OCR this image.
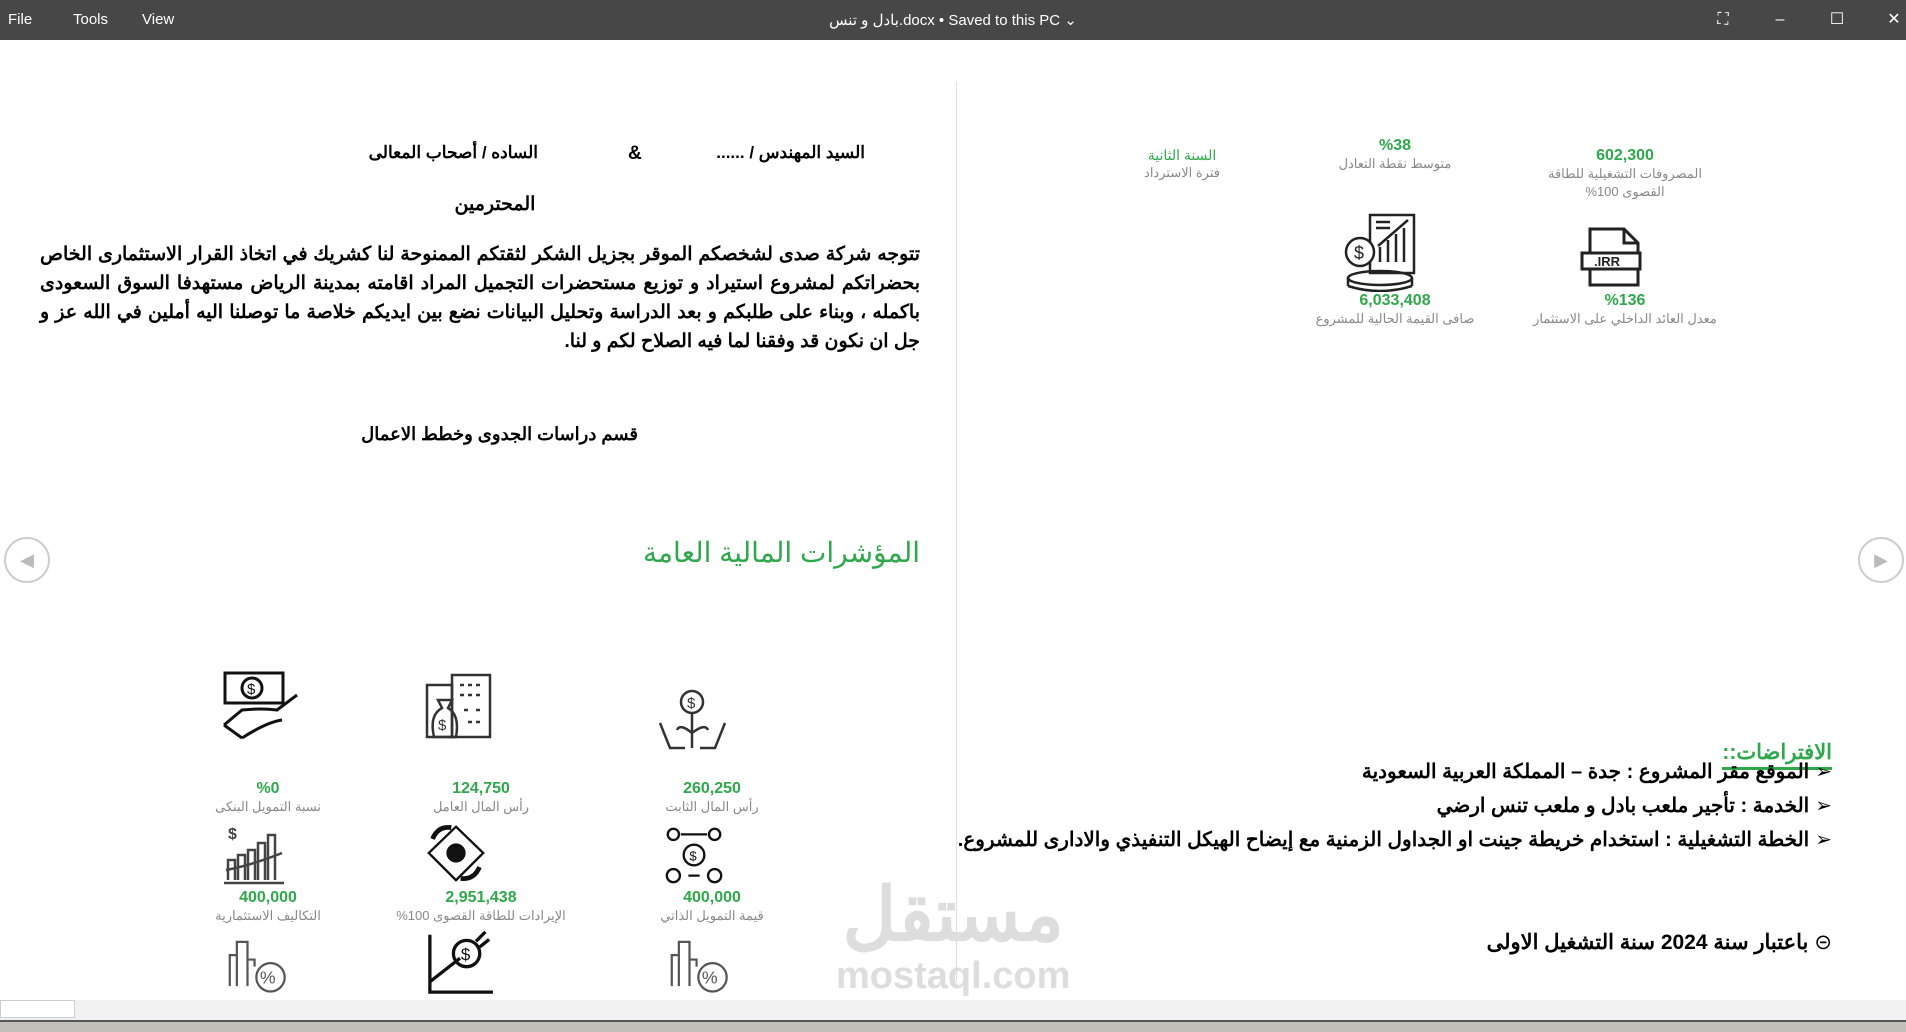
File	Tools View	بادل و تنس.docx • Saved to this PC ⌄	⛶	–	☐	✕
السيد المهندس / ......
&
الساده / أصحاب المعالى
المحترمين
تتوجه شركة صدى لشخصكم الموقر بجزيل الشكر لثقتكم الممنوحة لنا كشريك في اتخاذ القرار الاستثمارى الخاص بحضراتكم لمشروع استيراد و توزيع مستحضرات التجميل المراد اقامته بمدينة الرياض مستهدفا السوق السعودى باكمله ، وبناء على طلبكم و بعد الدراسة وتحليل البيانات نضع بين ايديكم خلاصة ما توصلنا اليه أملين في الله عز و جل ان نكون قد وفقنا لما فيه الصلاح لكم و لنا.
قسم دراسات الجدوى وخطط الاعمال
المؤشرات المالية العامة
◀	▶
$
$
$
$
$
%
$
%
%0
نسبة التمويل البنكى
124,750
رأس المال العامل
260,250
رأس المال الثابت
400,000
التكاليف الاستثمارية
2,951,438
الإيرادات للطاقة القصوى 100%
400,000
قيمة التمويل الذاتي
602,300
المصروفات التشغيلية للطاقة القصوى 100%
%38
متوسط نقطة التعادل
السنة الثانية
فترة الاسترداد
.IRR
$
%136
معدل العائد الداخلي على الاستثمار
6,033,408
صافى القيمة الحالية للمشروع
الافتراضات::
➢الموقع مقر المشروع : جدة – المملكة العربية السعودية
➢الخدمة : تأجير ملعب بادل و ملعب تنس ارضي
➢الخطة التشغيلية : استخدام خريطة جينت او الجداول الزمنية مع إيضاح الهيكل التنفيذي والادارى للمشروع.
⊝باعتبار سنة 2024 سنة التشغيل الاولى
مستقل
mostaql.com
